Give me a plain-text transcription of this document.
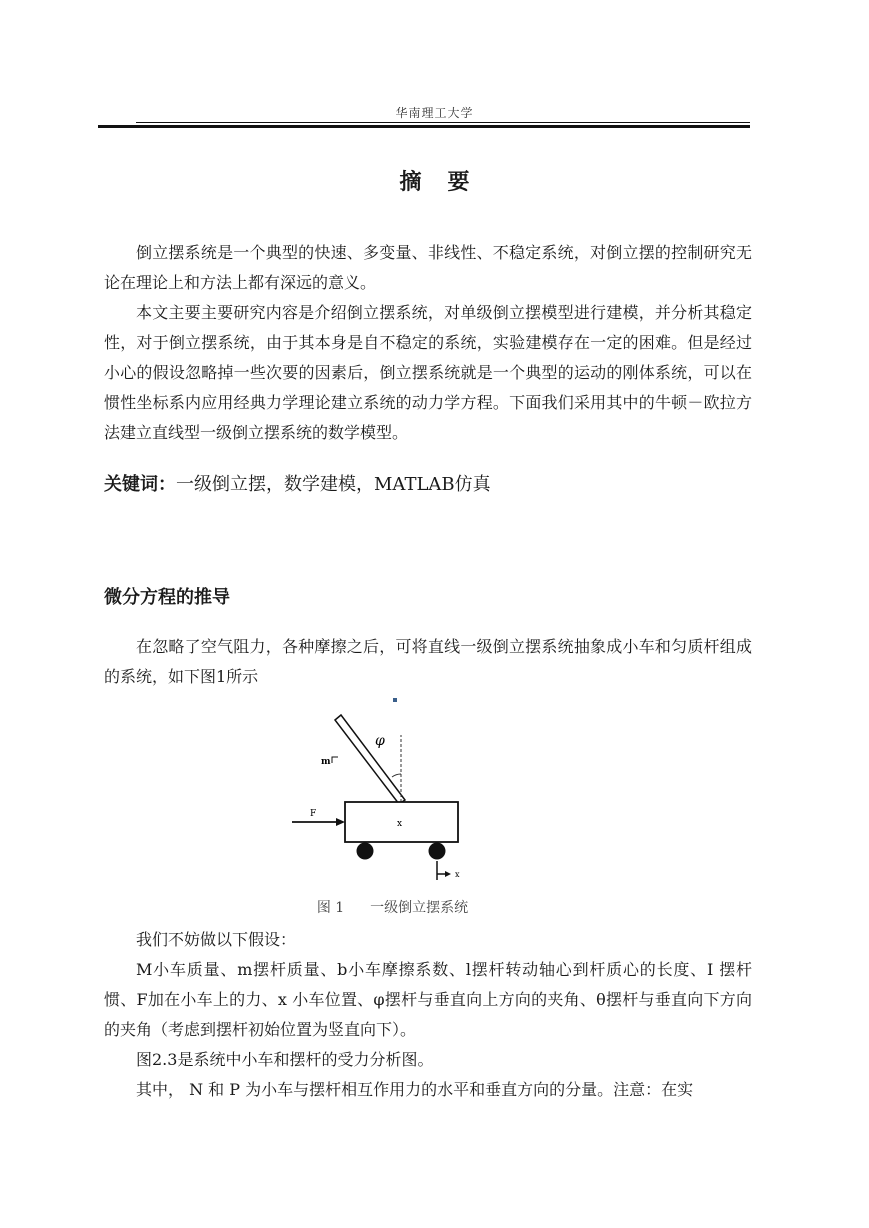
华南理工大学
摘要

倒立摆系统是一个典型的快速、多变量、非线性、不稳定系统，对倒立摆的控制研究无论在理论上和方法上都有深远的意义。

本文主要主要研究内容是介绍倒立摆系统，对单级倒立摆模型进行建模，并分析其稳定性，对于倒立摆系统，由于其本身是自不稳定的系统，实验建模存在一定的困难。但是经过小心的假设忽略掉一些次要的因素后，倒立摆系统就是一个典型的运动的刚体系统，可以在惯性坐标系内应用经典力学理论建立系统的动力学方程。下面我们采用其中的牛顿－欧拉方法建立直线型一级倒立摆系统的数学模型。

关键词：一级倒立摆，数学建模，MATLAB仿真
微分方程的推导

在忽略了空气阻力，各种摩擦之后，可将直线一级倒立摆系统抽象成小车和匀质杆组成的系统，如下图1所示

φ
m
x
F
x
图 1 一级倒立摆系统

我们不妨做以下假设：

M小车质量、m摆杆质量、b小车摩擦系数、l摆杆转动轴心到杆质心的长度、I 摆杆惯、F加在小车上的力、x 小车位置、φ摆杆与垂直向上方向的夹角、θ摆杆与垂直向下方向的夹角（考虑到摆杆初始位置为竖直向下）。

图2.3是系统中小车和摆杆的受力分析图。

其中， N 和 P 为小车与摆杆相互作用力的水平和垂直方向的分量。注意：在实
